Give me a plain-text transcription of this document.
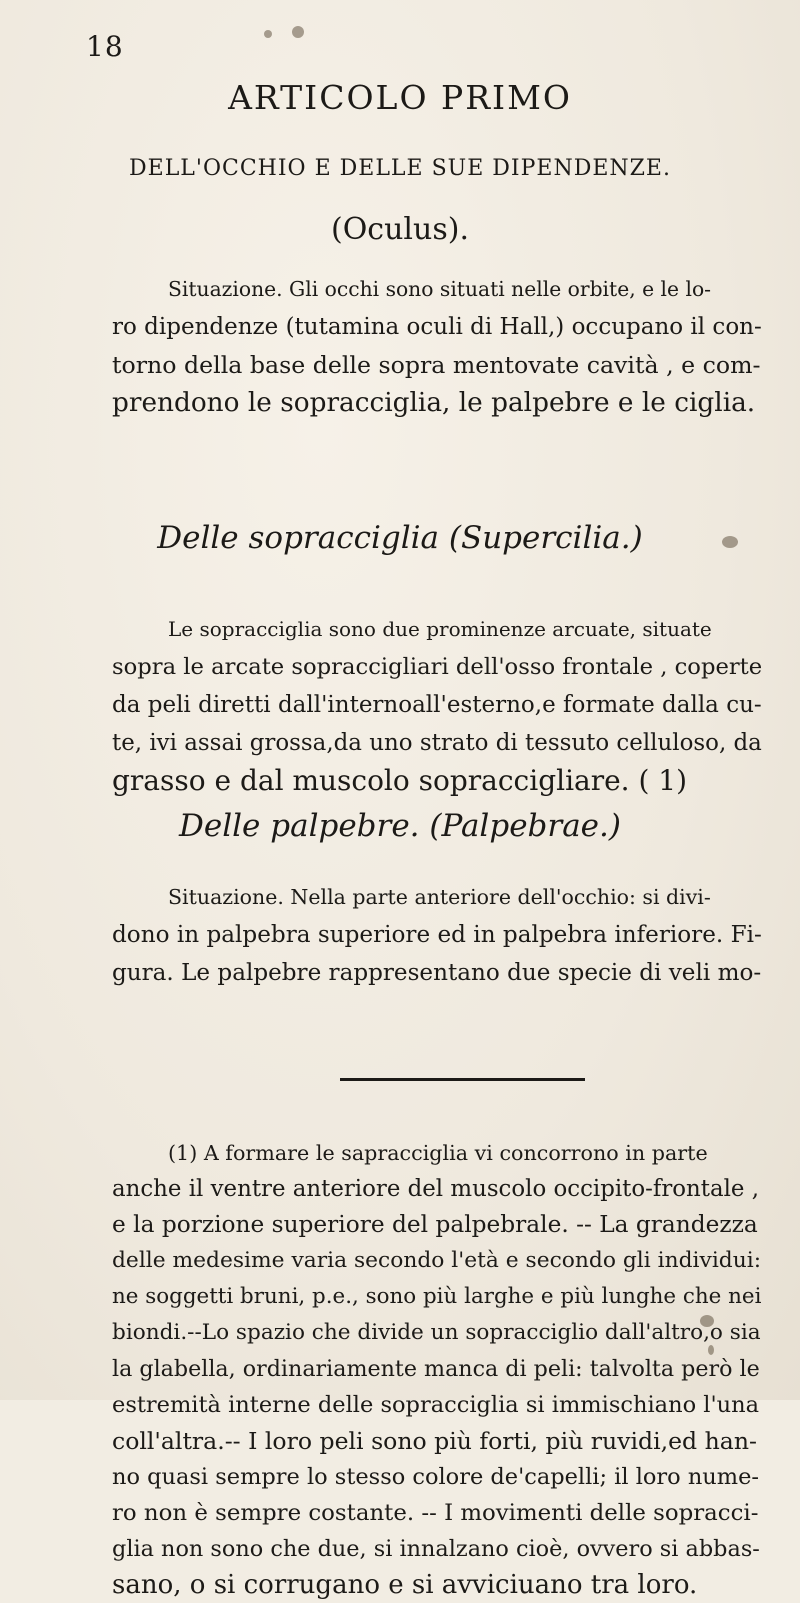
18
ARTICOLO PRIMO
DELL'OCCHIO E DELLE SUE DIPENDENZE.
(Oculus).
Situazione. Gli occhi sono situati nelle orbite, e le lo-
ro dipendenze (tutamina oculi di Hall,) occupano il con-
torno della base delle sopra mentovate cavità , e com-
prendono le sopracciglia, le palpebre e le ciglia.
Delle sopracciglia (Supercilia.)
Le sopracciglia sono due prominenze arcuate, situate
sopra le arcate sopraccigliari dell'osso frontale , coperte
da peli diretti dall'internoall'esterno,e formate dalla cu-
te, ivi assai grossa,da uno strato di tessuto celluloso, da
grasso e dal muscolo sopraccigliare. ( 1)
Delle palpebre. (Palpebrae.)
Situazione. Nella parte anteriore dell'occhio: si divi-
dono in palpebra superiore ed in palpebra inferiore. Fi-
gura. Le palpebre rappresentano due specie di veli mo-
(1) A formare le sapracciglia vi concorrono in parte
anche il ventre anteriore del muscolo occipito-frontale ,
e la porzione superiore del palpebrale. -- La grandezza
delle medesime varia secondo l'età e secondo gli individui:
ne soggetti bruni, p.e., sono più larghe e più lunghe che nei
biondi.--Lo spazio che divide un sopracciglio dall'altro,o sia
la glabella, ordinariamente manca di peli: talvolta però le
estremità interne delle sopracciglia si immischiano l'una
coll'altra.-- I loro peli sono più forti, più ruvidi,ed han-
no quasi sempre lo stesso colore de'capelli; il loro nume-
ro non è sempre costante. -- I movimenti delle sopracci-
glia non sono che due, si innalzano cioè, ovvero si abbas-
sano, o si corrugano e si avviciuano tra loro.
